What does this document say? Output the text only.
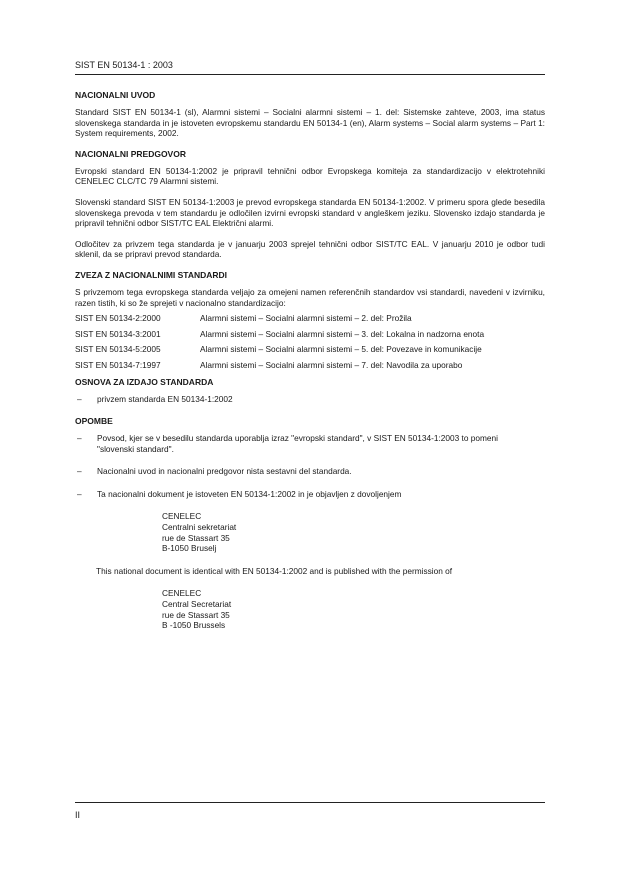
SIST EN 50134-1 : 2003
NACIONALNI UVOD

Standard SIST EN 50134-1 (sl), Alarmni sistemi – Socialni alarmni sistemi – 1. del: Sistemske zahteve, 2003, ima status slovenskega standarda in je istoveten evropskemu standardu EN 50134-1 (en), Alarm systems – Social alarm systems – Part 1: System requirements, 2002.

NACIONALNI PREDGOVOR

Evropski standard EN 50134-1:2002 je pripravil tehnični odbor Evropskega komiteja za standardizacijo v elektrotehniki CENELEC CLC/TC 79 Alarmni sistemi.

Slovenski standard SIST EN 50134-1:2003 je prevod evropskega standarda EN 50134-1:2002. V primeru spora glede besedila slovenskega prevoda v tem standardu je odločilen izvirni evropski standard v angleškem jeziku. Slovensko izdajo standarda je pripravil tehnični odbor SIST/TC EAL Električni alarmi.

Odločitev za privzem tega standarda je v januarju 2003 sprejel tehnični odbor SIST/TC EAL. V januarju 2010 je odbor tudi sklenil, da se pripravi prevod standarda.

ZVEZA Z NACIONALNIMI STANDARDI

S privzemom tega evropskega standarda veljajo za omejeni namen referenčnih standardov vsi standardi, navedeni v izvirniku, razen tistih, ki so že sprejeti v nacionalno standardizacijo:

SIST EN 50134-2:2000	Alarmni sistemi – Socialni alarmni sistemi – 2. del: Prožila
SIST EN 50134-3:2001	Alarmni sistemi – Socialni alarmni sistemi – 3. del: Lokalna in nadzorna enota
SIST EN 50134-5:2005	Alarmni sistemi – Socialni alarmni sistemi – 5. del: Povezave in komunikacije
SIST EN 50134-7:1997	Alarmni sistemi – Socialni alarmni sistemi – 7. del: Navodila za uporabo
OSNOVA ZA IZDAJO STANDARDA
–	privzem standarda EN 50134-1:2002
OPOMBE
–	Povsod, kjer se v besedilu standarda uporablja izraz "evropski standard", v SIST EN 50134-1:2003 to pomeni "slovenski standard".
–	Nacionalni uvod in nacionalni predgovor nista sestavni del standarda.
–	Ta nacionalni dokument je istoveten EN 50134-1:2002 in je objavljen z dovoljenjem
CENELEC
Centralni sekretariat
rue de Stassart 35
B-1050 Bruselj

This national document is identical with EN 50134-1:2002 and is published with the permission of

CENELEC
Central Secretariat
rue de Stassart 35
B -1050 Brussels
II
